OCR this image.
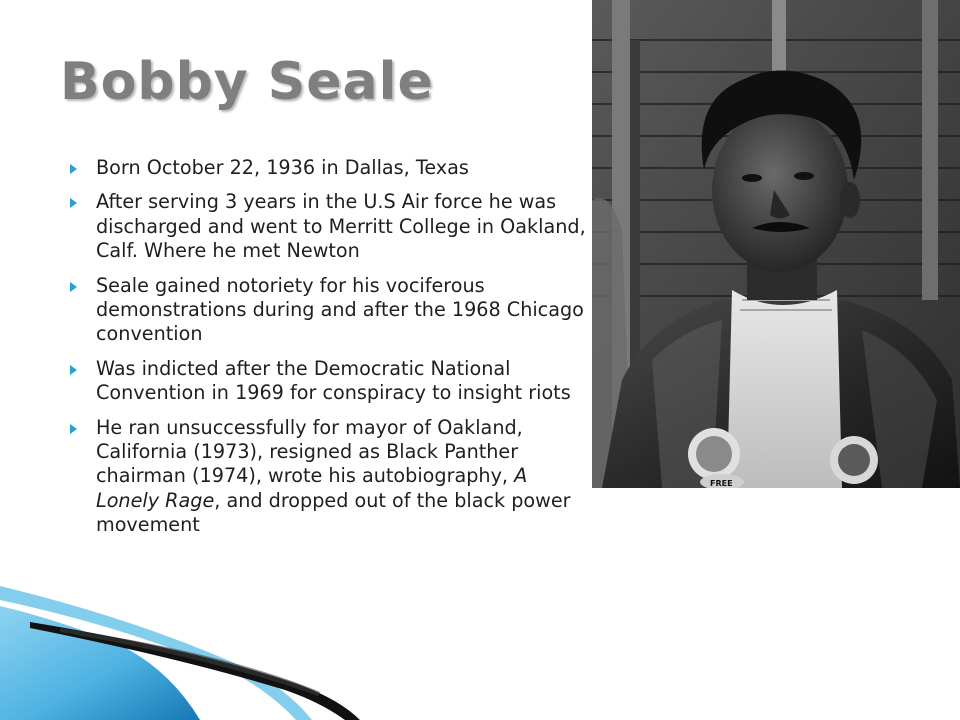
Bobby Seale
Born October 22, 1936 in Dallas, Texas
After serving 3 years in the U.S Air force he was discharged and went to Merritt College in Oakland, Calf. Where he met Newton
Seale gained notoriety for his vociferous demonstrations during and after the 1968 Chicago convention
Was indicted after the Democratic National Convention in 1969 for conspiracy to insight riots
He ran unsuccessfully for mayor of Oakland, California (1973), resigned as Black Panther chairman (1974), wrote his autobiography, A Lonely Rage, and dropped out of the black power movement
FREE
